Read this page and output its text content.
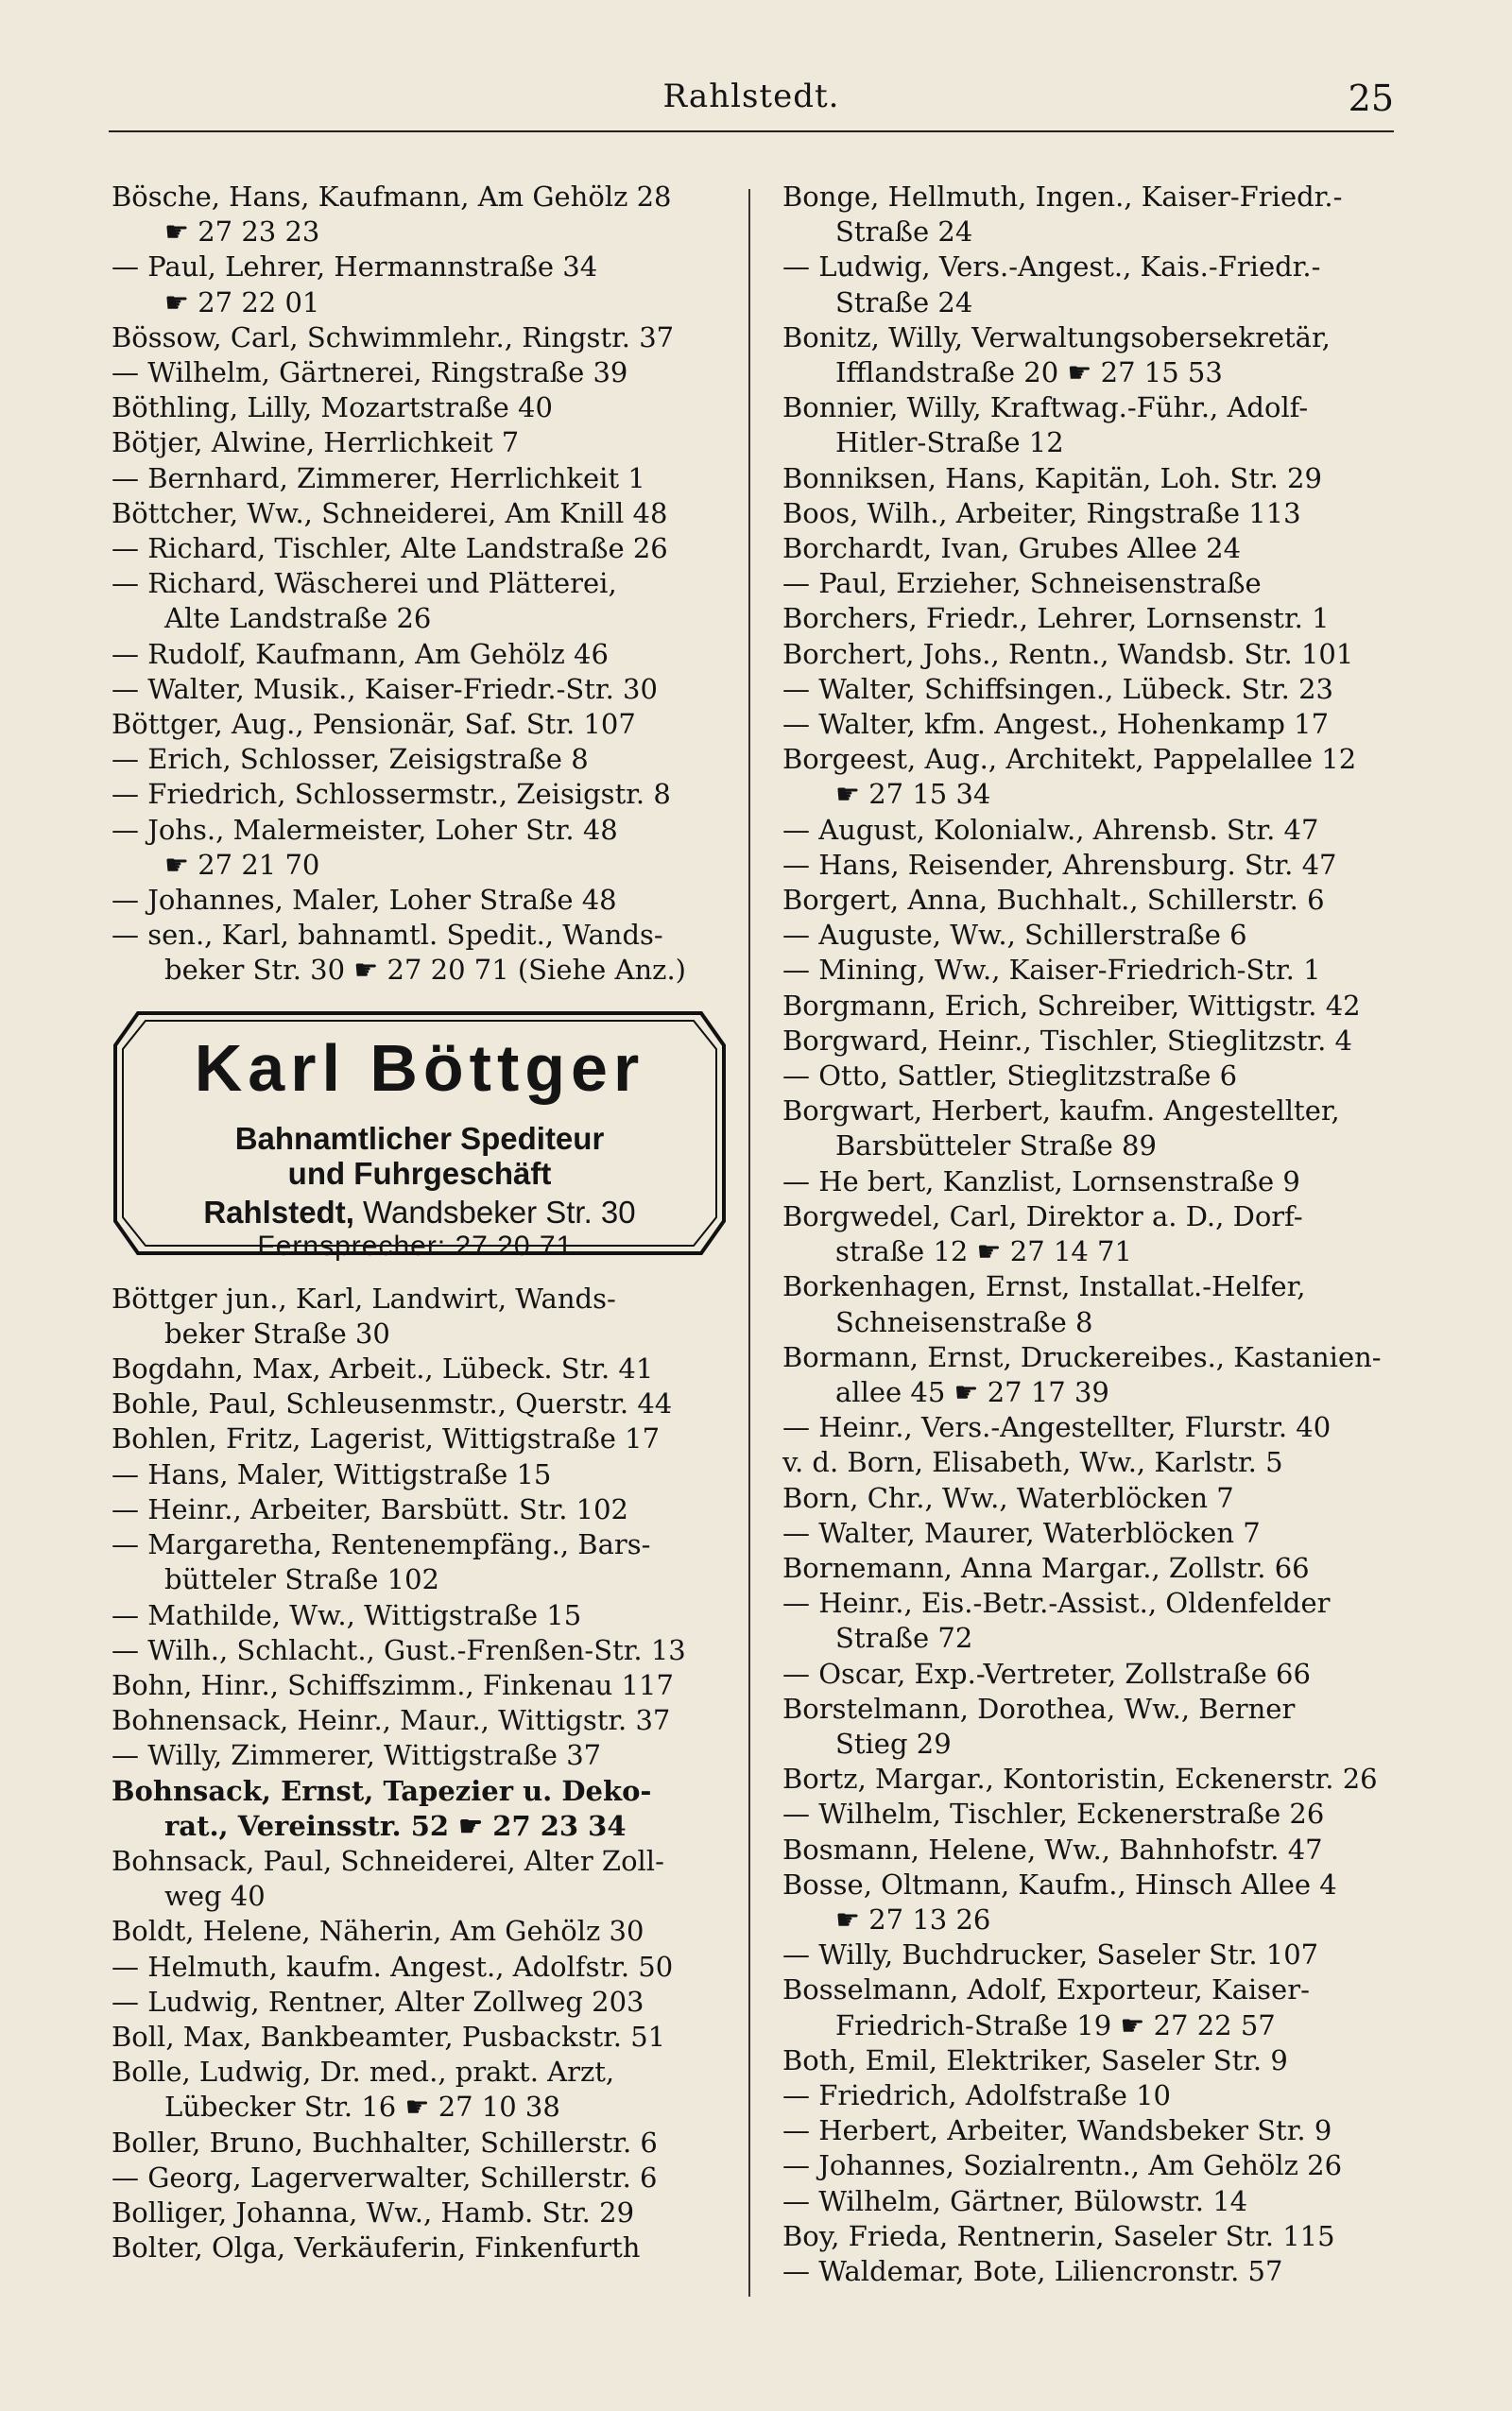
Rahlstedt.	25
Bösche, Hans, Kaufmann, Am Gehölz 28
☛ 27 23 23
— Paul, Lehrer, Hermannstraße 34
☛ 27 22 01
Bössow, Carl, Schwimmlehr., Ringstr. 37
— Wilhelm, Gärtnerei, Ringstraße 39
Böthling, Lilly, Mozartstraße 40
Bötjer, Alwine, Herrlichkeit 7
— Bernhard, Zimmerer, Herrlichkeit 1
Böttcher, Ww., Schneiderei, Am Knill 48
— Richard, Tischler, Alte Landstraße 26
— Richard, Wäscherei und Plätterei,
Alte Landstraße 26
— Rudolf, Kaufmann, Am Gehölz 46
— Walter, Musik., Kaiser-Friedr.-Str. 30
Böttger, Aug., Pensionär, Saf. Str. 107
— Erich, Schlosser, Zeisigstraße 8
— Friedrich, Schlossermstr., Zeisigstr. 8
— Johs., Malermeister, Loher Str. 48
☛ 27 21 70
— Johannes, Maler, Loher Straße 48
— sen., Karl, bahnamtl. Spedit., Wands-
beker Str. 30 ☛ 27 20 71 (Siehe Anz.)
Karl Böttger
Bahnamtlicher Spediteur
und Fuhrgeschäft
Rahlstedt, Wandsbeker Str. 30
Fernsprecher: 27 20 71.
Böttger jun., Karl, Landwirt, Wands-
beker Straße 30
Bogdahn, Max, Arbeit., Lübeck. Str. 41
Bohle, Paul, Schleusenmstr., Querstr. 44
Bohlen, Fritz, Lagerist, Wittigstraße 17
— Hans, Maler, Wittigstraße 15
— Heinr., Arbeiter, Barsbütt. Str. 102
— Margaretha, Rentenempfäng., Bars-
bütteler Straße 102
— Mathilde, Ww., Wittigstraße 15
— Wilh., Schlacht., Gust.-Frenßen-Str. 13
Bohn, Hinr., Schiffszimm., Finkenau 117
Bohnensack, Heinr., Maur., Wittigstr. 37
— Willy, Zimmerer, Wittigstraße 37
Bohnsack, Ernst, Tapezier u. Deko-
rat., Vereinsstr. 52 ☛ 27 23 34
Bohnsack, Paul, Schneiderei, Alter Zoll-
weg 40
Boldt, Helene, Näherin, Am Gehölz 30
— Helmuth, kaufm. Angest., Adolfstr. 50
— Ludwig, Rentner, Alter Zollweg 203
Boll, Max, Bankbeamter, Pusbackstr. 51
Bolle, Ludwig, Dr. med., prakt. Arzt,
Lübecker Str. 16 ☛ 27 10 38
Boller, Bruno, Buchhalter, Schillerstr. 6
— Georg, Lagerverwalter, Schillerstr. 6
Bolliger, Johanna, Ww., Hamb. Str. 29
Bolter, Olga, Verkäuferin, Finkenfurth
Bonge, Hellmuth, Ingen., Kaiser-Friedr.-
Straße 24
— Ludwig, Vers.-Angest., Kais.-Friedr.-
Straße 24
Bonitz, Willy, Verwaltungsobersekretär,
Ifflandstraße 20 ☛ 27 15 53
Bonnier, Willy, Kraftwag.-Führ., Adolf-
Hitler-Straße 12
Bonniksen, Hans, Kapitän, Loh. Str. 29
Boos, Wilh., Arbeiter, Ringstraße 113
Borchardt, Ivan, Grubes Allee 24
— Paul, Erzieher, Schneisenstraße
Borchers, Friedr., Lehrer, Lornsenstr. 1
Borchert, Johs., Rentn., Wandsb. Str. 101
— Walter, Schiffsingen., Lübeck. Str. 23
— Walter, kfm. Angest., Hohenkamp 17
Borgeest, Aug., Architekt, Pappelallee 12
☛ 27 15 34
— August, Kolonialw., Ahrensb. Str. 47
— Hans, Reisender, Ahrensburg. Str. 47
Borgert, Anna, Buchhalt., Schillerstr. 6
— Auguste, Ww., Schillerstraße 6
— Mining, Ww., Kaiser-Friedrich-Str. 1
Borgmann, Erich, Schreiber, Wittigstr. 42
Borgward, Heinr., Tischler, Stieglitzstr. 4
— Otto, Sattler, Stieglitzstraße 6
Borgwart, Herbert, kaufm. Angestellter,
Barsbütteler Straße 89
— He bert, Kanzlist, Lornsenstraße 9
Borgwedel, Carl, Direktor a. D., Dorf-
straße 12 ☛ 27 14 71
Borkenhagen, Ernst, Installat.-Helfer,
Schneisenstraße 8
Bormann, Ernst, Druckereibes., Kastanien-
allee 45 ☛ 27 17 39
— Heinr., Vers.-Angestellter, Flurstr. 40
v. d. Born, Elisabeth, Ww., Karlstr. 5
Born, Chr., Ww., Waterblöcken 7
— Walter, Maurer, Waterblöcken 7
Bornemann, Anna Margar., Zollstr. 66
— Heinr., Eis.-Betr.-Assist., Oldenfelder
Straße 72
— Oscar, Exp.-Vertreter, Zollstraße 66
Borstelmann, Dorothea, Ww., Berner
Stieg 29
Bortz, Margar., Kontoristin, Eckenerstr. 26
— Wilhelm, Tischler, Eckenerstraße 26
Bosmann, Helene, Ww., Bahnhofstr. 47
Bosse, Oltmann, Kaufm., Hinsch Allee 4
☛ 27 13 26
— Willy, Buchdrucker, Saseler Str. 107
Bosselmann, Adolf, Exporteur, Kaiser-
Friedrich-Straße 19 ☛ 27 22 57
Both, Emil, Elektriker, Saseler Str. 9
— Friedrich, Adolfstraße 10
— Herbert, Arbeiter, Wandsbeker Str. 9
— Johannes, Sozialrentn., Am Gehölz 26
— Wilhelm, Gärtner, Bülowstr. 14
Boy, Frieda, Rentnerin, Saseler Str. 115
— Waldemar, Bote, Liliencronstr. 57
